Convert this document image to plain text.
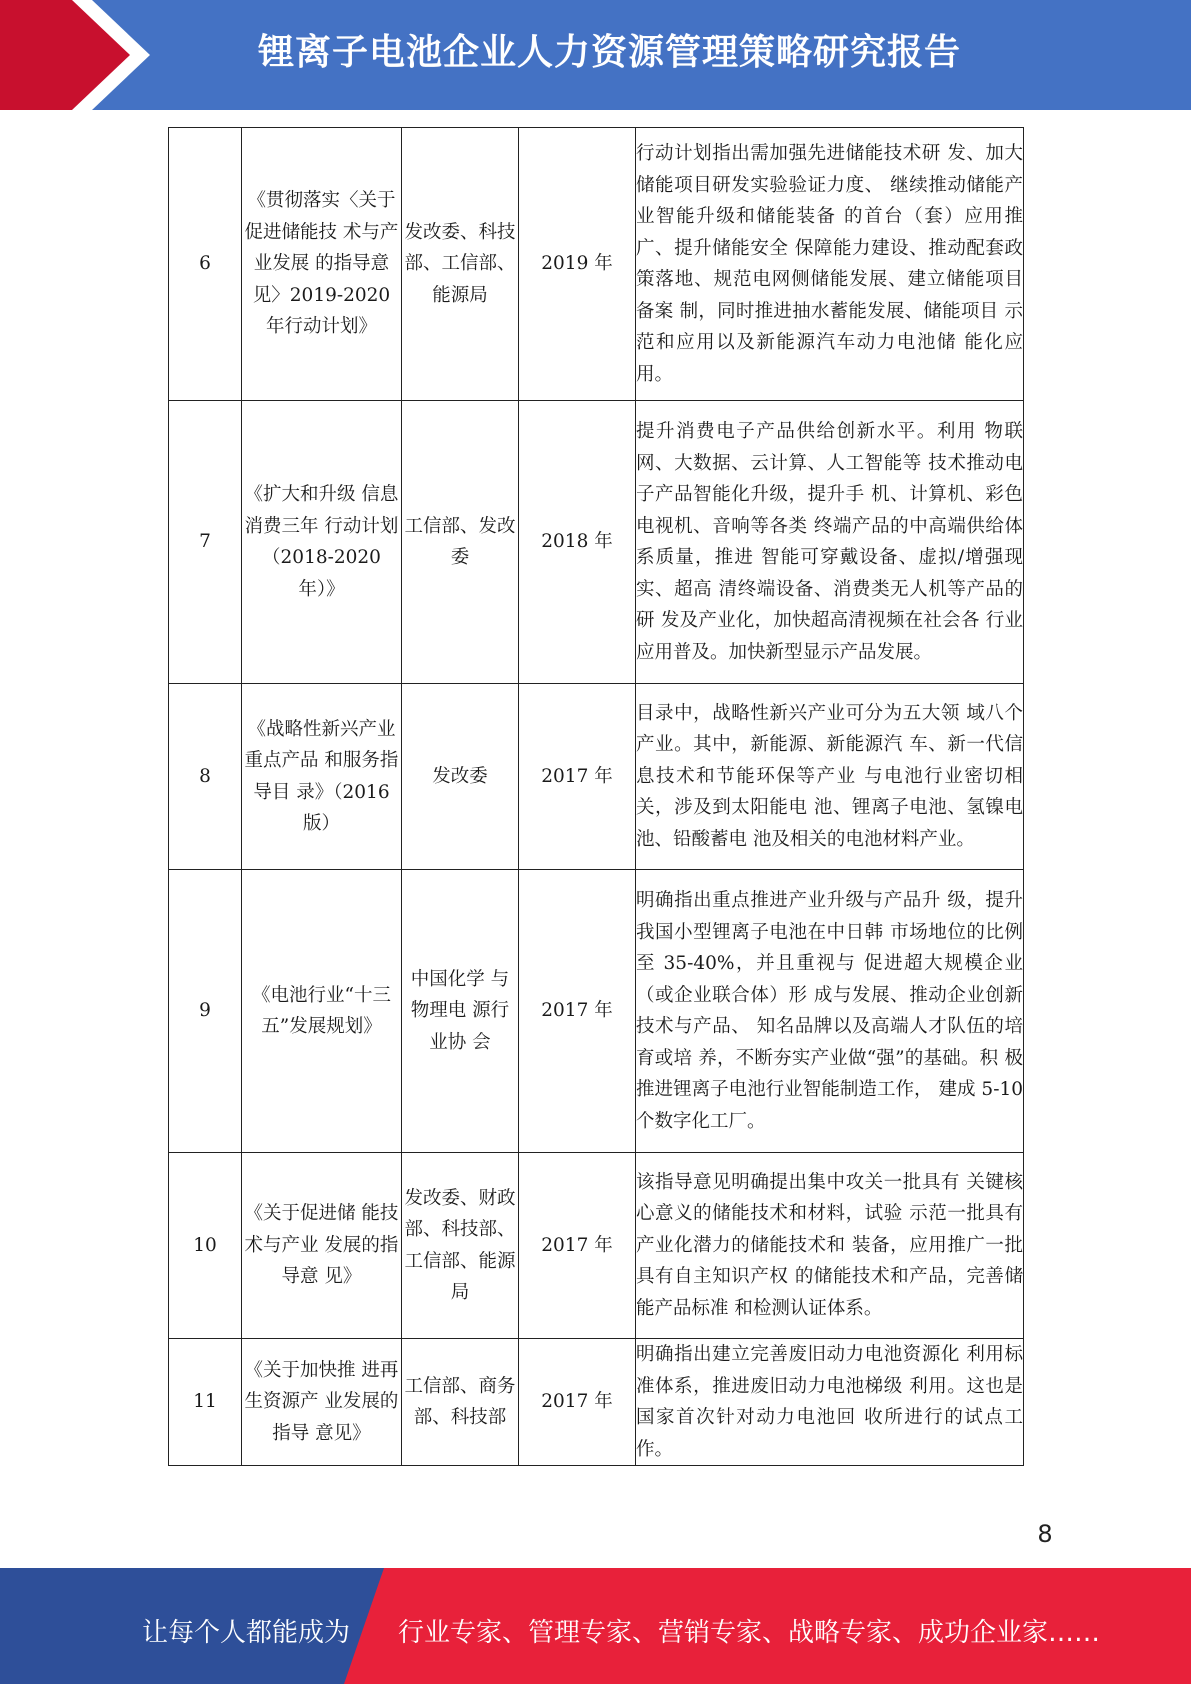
锂离子电池企业人力资源管理策略研究报告
6	《贯彻落实〈关于促进储能技 术与产业发展 的指导意见〉2019-2020 年行动计划》	发改委、科技部、工信部、能源局	2019 年	行动计划指出需加强先进储能技术研 发、加大储能项目研发实验验证力度、 继续推动储能产业智能升级和储能装备 的首台（套）应用推广、提升储能安全 保障能力建设、推动配套政策落地、规范电网侧储能发展、建立储能项目备案 制，同时推进抽水蓄能发展、储能项目 示范和应用以及新能源汽车动力电池储 能化应用。
7	《扩大和升级 信息消费三年 行动计划（2018-2020 年）》	工信部、发改委	2018 年	提升消费电子产品供给创新水平。利用 物联网、大数据、云计算、人工智能等 技术推动电子产品智能化升级，提升手 机、计算机、彩色电视机、音响等各类 终端产品的中高端供给体系质量，推进 智能可穿戴设备、虚拟/增强现实、超高 清终端设备、消费类无人机等产品的研 发及产业化，加快超高清视频在社会各 行业应用普及。加快新型显示产品发展。
8	《战略性新兴产业重点产品 和服务指导目 录》（2016 版）	发改委	2017 年	目录中，战略性新兴产业可分为五大领 域八个产业。其中，新能源、新能源汽 车、新一代信息技术和节能环保等产业 与电池行业密切相关，涉及到太阳能电 池、锂离子电池、氢镍电池、铅酸蓄电 池及相关的电池材料产业。
9	《电池行业“十三五”发展规划》	中国化学 与物理电 源行业协 会	2017 年	明确指出重点推进产业升级与产品升 级，提升我国小型锂离子电池在中日韩 市场地位的比例至 35-40%，并且重视与 促进超大规模企业（或企业联合体）形 成与发展、推动企业创新技术与产品、 知名品牌以及高端人才队伍的培育或培 养，不断夯实产业做“强”的基础。积 极推进锂离子电池行业智能制造工作， 建成 5-10 个数字化工厂。
10	《关于促进储 能技术与产业 发展的指导意 见》	发改委、财政部、科技部、工信部、能源局	2017 年	该指导意见明确提出集中攻关一批具有 关键核心意义的储能技术和材料，试验 示范一批具有产业化潜力的储能技术和 装备，应用推广一批具有自主知识产权 的储能技术和产品，完善储能产品标准 和检测认证体系。
11	《关于加快推 进再生资源产 业发展的指导 意见》	工信部、商务部、科技部	2017 年	明确指出建立完善废旧动力电池资源化 利用标准体系，推进废旧动力电池梯级 利用。这也是国家首次针对动力电池回 收所进行的试点工作。
8
让每个人都能成为 行业专家、管理专家、营销专家、战略专家、成功企业家……
